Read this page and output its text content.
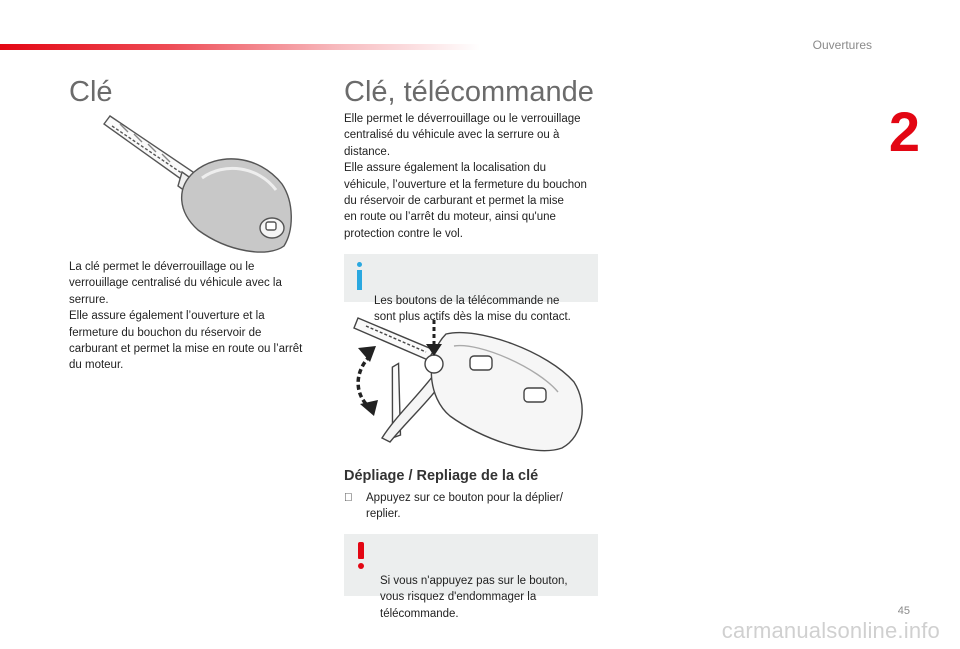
Ouvertures
2
Clé
La clé permet le déverrouillage ou le
verrouillage centralisé du véhicule avec la
serrure.
Elle assure également l’ouverture et la
fermeture du bouchon du réservoir de
carburant et permet la mise en route ou l’arrêt
du moteur.
Clé, télécommande
Elle permet le déverrouillage ou le verrouillage
centralisé du véhicule avec la serrure ou à
distance.
Elle assure également la localisation du
véhicule, l’ouverture et la fermeture du bouchon
du réservoir de carburant et permet la mise
en route ou l’arrêt du moteur, ainsi qu'une
protection contre le vol.

Les boutons de la télécommande ne
sont plus actifs dès la mise du contact.

Dépliage / Repliage de la clé
Appuyez sur ce bouton pour la déplier/
replier.

Si vous n'appuyez pas sur le bouton,
vous risquez d'endommager la
télécommande.	45
carmanualsonline.info
